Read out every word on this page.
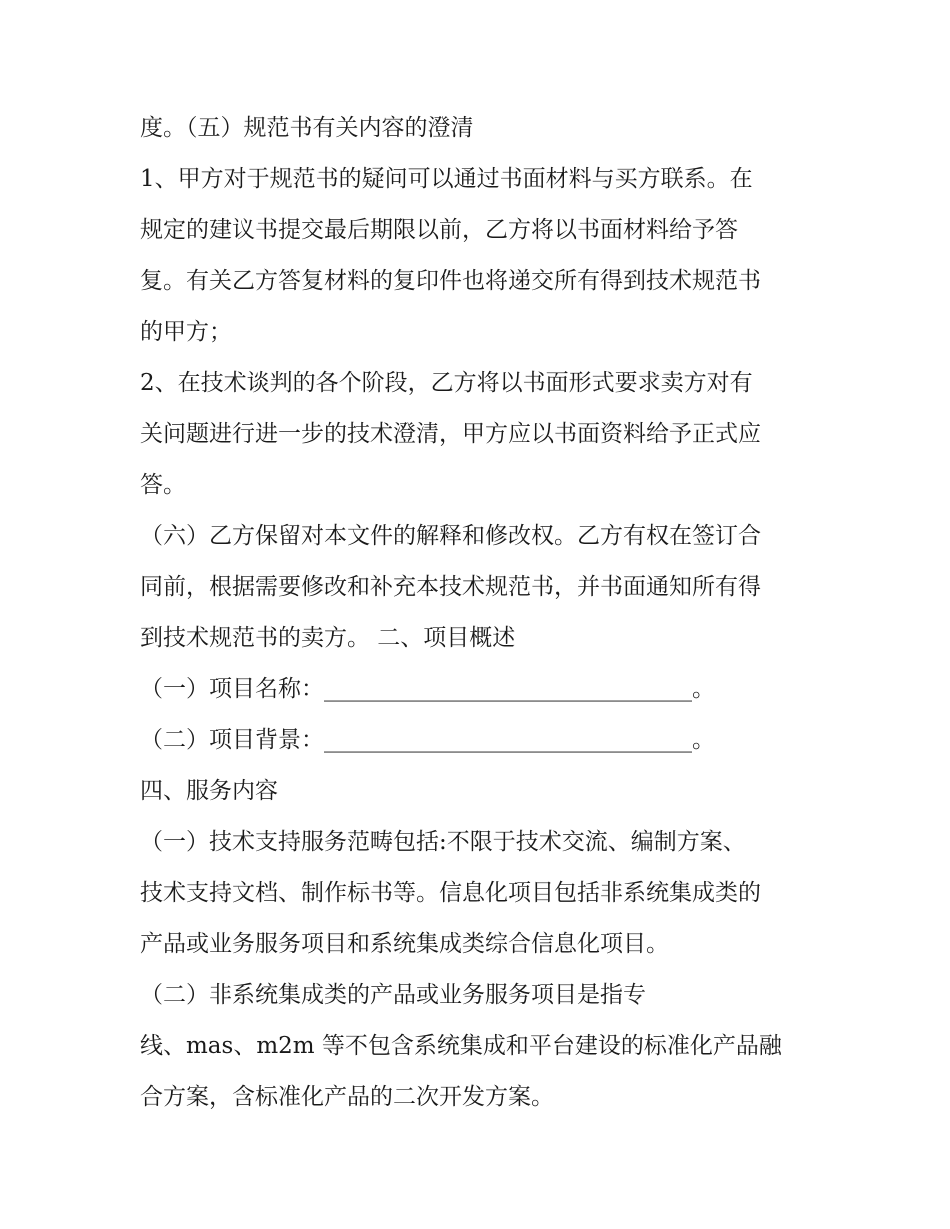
度。（五）规范书有关内容的澄清
1、甲方对于规范书的疑问可以通过书面材料与买方联系。在
规定的建议书提交最后期限以前，乙方将以书面材料给予答
复。有关乙方答复材料的复印件也将递交所有得到技术规范书
的甲方；
2、在技术谈判的各个阶段，乙方将以书面形式要求卖方对有
关问题进行进一步的技术澄清，甲方应以书面资料给予正式应
答。
（六）乙方保留对本文件的解释和修改权。乙方有权在签订合
同前，根据需要修改和补充本技术规范书，并书面通知所有得
到技术规范书的卖方。 二、项目概述
（一）项目名称：________________________________。
（二）项目背景：________________________________。
四、服务内容
（一）技术支持服务范畴包括:不限于技术交流、编制方案、
技术支持文档、制作标书等。信息化项目包括非系统集成类的
产品或业务服务项目和系统集成类综合信息化项目。
（二）非系统集成类的产品或业务服务项目是指专
线、mas、m2m 等不包含系统集成和平台建设的标准化产品融
合方案，含标准化产品的二次开发方案。
